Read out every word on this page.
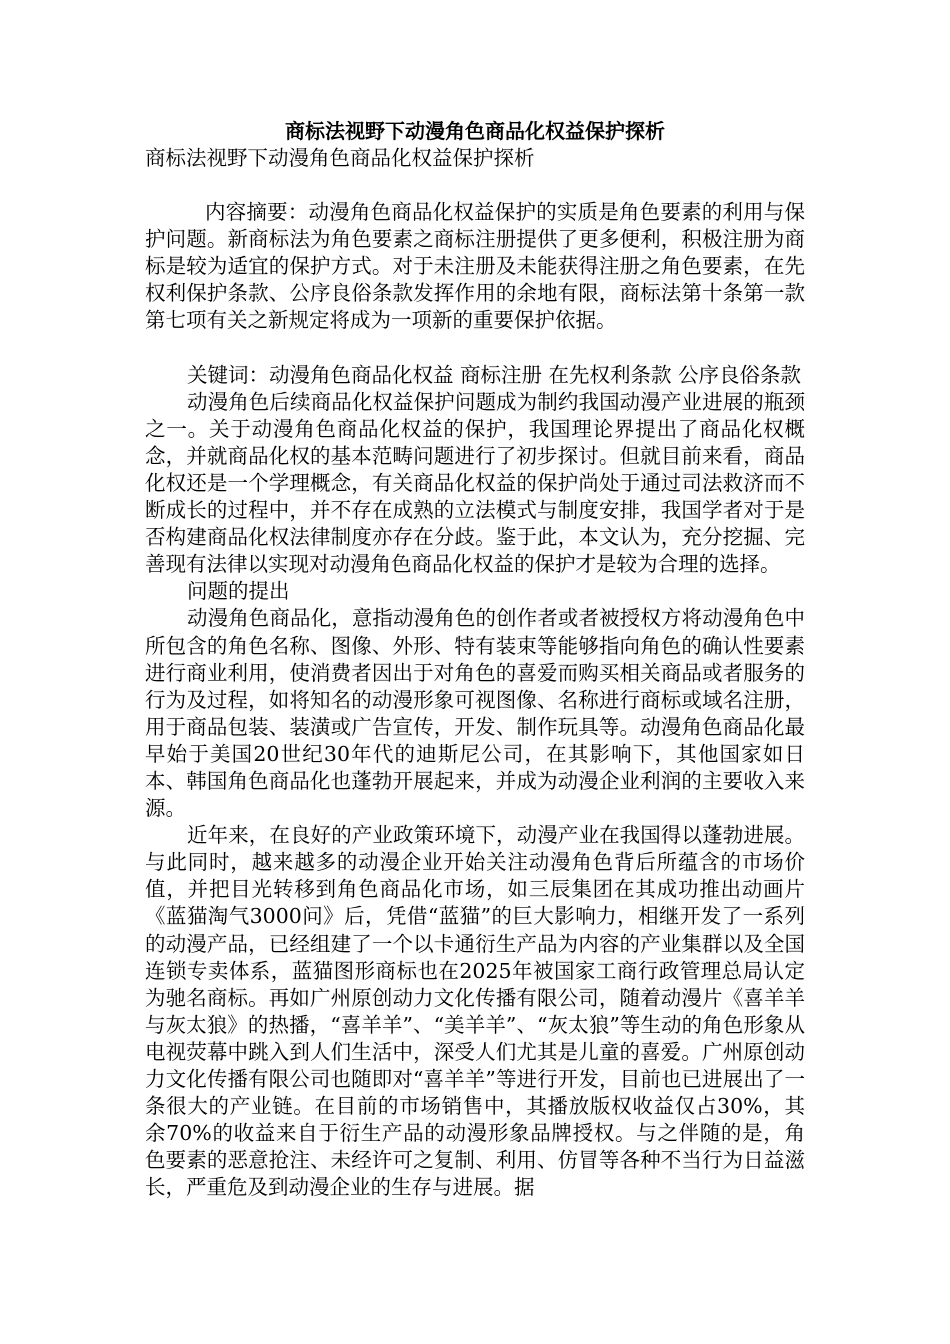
商标法视野下动漫角色商品化权益保护探析

商标法视野下动漫角色商品化权益保护探析

内容摘要：动漫角色商品化权益保护的实质是角色要素的利用与保护问题。新商标法为角色要素之商标注册提供了更多便利，积极注册为商标是较为适宜的保护方式。对于未注册及未能获得注册之角色要素，在先权利保护条款、公序良俗条款发挥作用的余地有限，商标法第十条第一款第七项有关之新规定将成为一项新的重要保护依据。

关键词：动漫角色商品化权益 商标注册 在先权利条款 公序良俗条款

动漫角色后续商品化权益保护问题成为制约我国动漫产业进展的瓶颈之一。关于动漫角色商品化权益的保护，我国理论界提出了商品化权概念，并就商品化权的基本范畴问题进行了初步探讨。但就目前来看，商品化权还是一个学理概念，有关商品化权益的保护尚处于通过司法救济而不断成长的过程中，并不存在成熟的立法模式与制度安排，我国学者对于是否构建商品化权法律制度亦存在分歧。鉴于此，本文认为，充分挖掘、完善现有法律以实现对动漫角色商品化权益的保护才是较为合理的选择。

问题的提出

动漫角色商品化，意指动漫角色的创作者或者被授权方将动漫角色中所包含的角色名称、图像、外形、特有装束等能够指向角色的确认性要素进行商业利用，使消费者因出于对角色的喜爱而购买相关商品或者服务的行为及过程，如将知名的动漫形象可视图像、名称进行商标或域名注册，用于商品包装、装潢或广告宣传，开发、制作玩具等。动漫角色商品化最早始于美国20世纪30年代的迪斯尼公司，在其影响下，其他国家如日本、韩国角色商品化也蓬勃开展起来，并成为动漫企业利润的主要收入来源。

近年来，在良好的产业政策环境下，动漫产业在我国得以蓬勃进展。与此同时，越来越多的动漫企业开始关注动漫角色背后所蕴含的市场价值，并把目光转移到角色商品化市场，如三辰集团在其成功推出动画片《蓝猫淘气3000问》后，凭借“蓝猫”的巨大影响力，相继开发了一系列的动漫产品，已经组建了一个以卡通衍生产品为内容的产业集群以及全国连锁专卖体系，蓝猫图形商标也在2025年被国家工商行政管理总局认定为驰名商标。再如广州原创动力文化传播有限公司，随着动漫片《喜羊羊与灰太狼》的热播，“喜羊羊”、“美羊羊”、“灰太狼”等生动的角色形象从电视荧幕中跳入到人们生活中，深受人们尤其是儿童的喜爱。广州原创动力文化传播有限公司也随即对“喜羊羊”等进行开发，目前也已进展出了一条很大的产业链。在目前的市场销售中，其播放版权收益仅占30%，其余70%的收益来自于衍生产品的动漫形象品牌授权。与之伴随的是，角色要素的恶意抢注、未经许可之复制、利用、仿冒等各种不当行为日益滋长，严重危及到动漫企业的生存与进展。据
